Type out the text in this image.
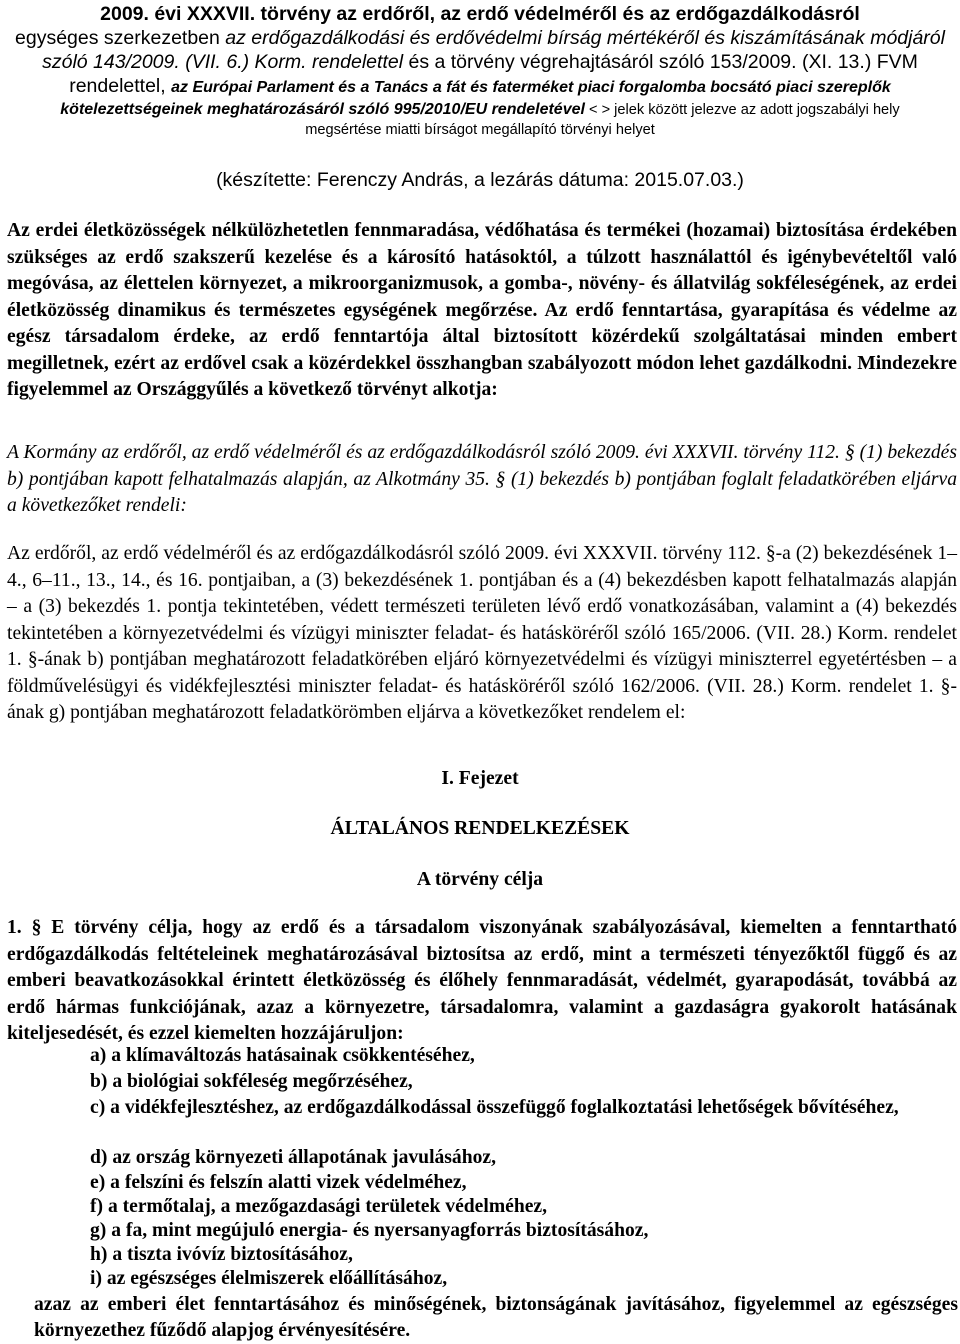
2009. évi XXXVII. törvény az erdőről, az erdő védelméről és az erdőgazdálkodásról
egységes szerkezetben az erdőgazdálkodási és erdővédelmi bírság mértékéről és kiszámításának módjáról
szóló 143/2009. (VII. 6.) Korm. rendelettel és a törvény végrehajtásáról szóló 153/2009. (XI. 13.) FVM
rendelettel, az Európai Parlament és a Tanács a fát és faterméket piaci forgalomba bocsátó piaci szereplők
kötelezettségeinek meghatározásáról szóló 995/2010/EU rendeletével < > jelek között jelezve az adott jogszabályi hely
megsértése miatti bírságot megállapító törvényi helyet
(készítette: Ferenczy András, a lezárás dátuma: 2015.07.03.)
Az erdei életközösségek nélkülözhetetlen fennmaradása, védőhatása és termékei (hozamai) biztosítása érdekében szükséges az erdő szakszerű kezelése és a károsító hatásoktól, a túlzott használattól és igénybevételtől való megóvása, az élettelen környezet, a mikroorganizmusok, a gomba-, növény- és állatvilág sokféleségének, az erdei életközösség dinamikus és természetes egységének megőrzése. Az erdő fenntartása, gyarapítása és védelme az egész társadalom érdeke, az erdő fenntartója által biztosított közérdekű szolgáltatásai minden embert megilletnek, ezért az erdővel csak a közérdekkel összhangban szabályozott módon lehet gazdálkodni. Mindezekre figyelemmel az Országgyűlés a következő törvényt alkotja:
A Kormány az erdőről, az erdő védelméről és az erdőgazdálkodásról szóló 2009. évi XXXVII. törvény 112. § (1) bekezdés b) pontjában kapott felhatalmazás alapján, az Alkotmány 35. § (1) bekezdés b) pontjában foglalt feladatkörében eljárva a következőket rendeli:
Az erdőről, az erdő védelméről és az erdőgazdálkodásról szóló 2009. évi XXXVII. törvény 112. §-a (2) bekezdésének 1–4., 6–11., 13., 14., és 16. pontjaiban, a (3) bekezdésének 1. pontjában és a (4) bekezdésben kapott felhatalmazás alapján – a (3) bekezdés 1. pontja tekintetében, védett természeti területen lévő erdő vonatkozásában, valamint a (4) bekezdés tekintetében a környezetvédelmi és vízügyi miniszter feladat- és hatásköréről szóló 165/2006. (VII. 28.) Korm. rendelet 1. §-ának b) pontjában meghatározott feladatkörében eljáró környezetvédelmi és vízügyi miniszterrel egyetértésben – a földművelésügyi és vidékfejlesztési miniszter feladat- és hatásköréről szóló 162/2006. (VII. 28.) Korm. rendelet 1. §-ának g) pontjában meghatározott feladatkörömben eljárva a következőket rendelem el:
I. Fejezet
ÁLTALÁNOS RENDELKEZÉSEK
A törvény célja
1. § E törvény célja, hogy az erdő és a társadalom viszonyának szabályozásával, kiemelten a fenntartható erdőgazdálkodás feltételeinek meghatározásával biztosítsa az erdő, mint a természeti tényezőktől függő és az emberi beavatkozásokkal érintett életközösség és élőhely fennmaradását, védelmét, gyarapodását, továbbá az erdő hármas funkciójának, azaz a környezetre, társadalomra, valamint a gazdaságra gyakorolt hatásának kiteljesedését, és ezzel kiemelten hozzájáruljon:
a) a klímaváltozás hatásainak csökkentéséhez,
b) a biológiai sokféleség megőrzéséhez,
c) a vidékfejlesztéshez, az erdőgazdálkodással összefüggő foglalkoztatási lehetőségek bővítéséhez,
d) az ország környezeti állapotának javulásához,
e) a felszíni és felszín alatti vizek védelméhez,
f) a termőtalaj, a mezőgazdasági területek védelméhez,
g) a fa, mint megújuló energia- és nyersanyagforrás biztosításához,
h) a tiszta ivóvíz biztosításához,
i) az egészséges élelmiszerek előállításához,
azaz az emberi élet fenntartásához és minőségének, biztonságának javításához, figyelemmel az egészséges környezethez fűződő alapjog érvényesítésére.
